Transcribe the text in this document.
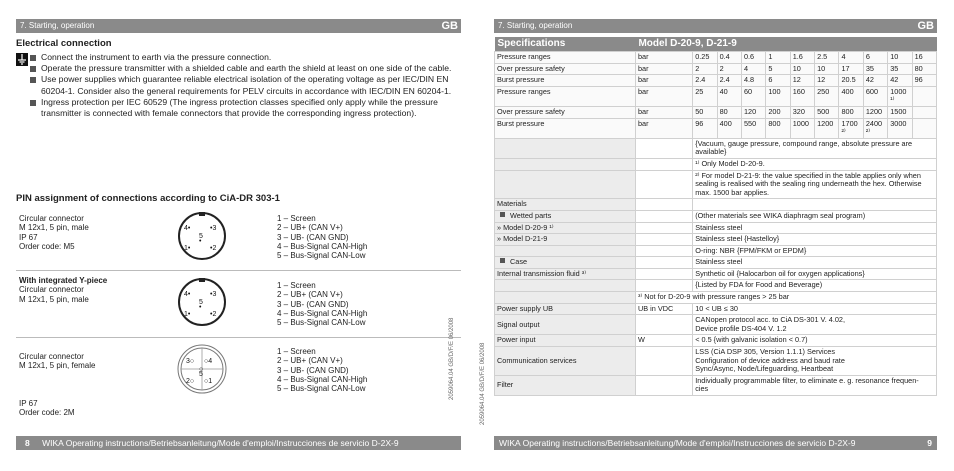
7. Starting, operation	GB
Electrical connection
Connect the instrument to earth via the pressure connection.
Operate the pressure transmitter with a shielded cable and earth the shield at least on one side of the cable.
Use power supplies which guarantee reliable electrical isolation of the operating voltage as per IEC/DIN EN 60204-1. Consider also the general requirements for PELV circuits in accordance with IEC/DIN EN 60204-1.
Ingress protection per IEC 60529 (The ingress protection classes specified only apply while the pressure transmitter is connected with female connectors that provide the corresponding ingress protection).
PIN assignment of connections according to CiA-DR 303-1
Circular connector
M 12x1, 5 pin, male
IP 67
Order code: M5
1 – Screen
2 – UB+ (CAN V+)
3 – UB- (CAN GND)
4 – Bus-Signal CAN-High
5 – Bus-Signal CAN-Low
4•	•3
5
•
1•	•2
With integrated Y-piece
Circular connector
M 12x1, 5 pin, male
1 – Screen
2 – UB+ (CAN V+)
3 – UB- (CAN GND)
4 – Bus-Signal CAN-High
5 – Bus-Signal CAN-Low
4•	•3
5
•
1•	•2
Circular connector
M 12x1, 5 pin, female
1 – Screen
2 – UB+ (CAN V+)
3 – UB- (CAN GND)
4 – Bus-Signal CAN-High
5 – Bus-Signal CAN-Low
IP 67
Order code: 2M
3○ ○4
○
5
2○ ○1	2059064.04 GB/D/F/E 06/2008
8 WIKA Operating instructions/Betriebsanleitung/Mode d'emploi/Instrucciones de servicio D-2X-9
2059064.04 GB/D/F/E 06/2008
7. Starting, operation	GB
Specifications	Model D-20-9, D-21-9										
Pressure ranges	bar	0.25	0.4	0.6	1	1.6	2.5	4	6	10	16
Over pressure safety	bar	2	2	4	5	10	10	17	35	35	80
Burst pressure	bar	2.4	2.4	4.8	6	12	12	20.5	42	42	96
Pressure ranges	bar	25	40	60	100	160	250	400	600	1000 ¹⁾	
Over pressure safety	bar	50	80	120	200	320	500	800	1200	1500	
Burst pressure	bar	96	400	550	800	1000	1200	1700 ²⁾	2400 ²⁾	3000	
		{Vacuum, gauge pressure, compound range, absolute pressure are available}									
		¹⁾ Only Model D-20-9.									
		²⁾ For model D-21-9: the value specified in the table applies only when sealing is realised with the sealing ring underneath the hex. Otherwise max. 1500 bar applies.									
Materials											
Wetted parts		(Other materials see WIKA diaphragm seal program)									
» Model D-20-9 ¹⁾		Stainless steel									
» Model D-21-9		Stainless steel {Hastelloy}									
		O-ring: NBR {FPM/FKM or EPDM}									
Case		Stainless steel									
Internal transmission fluid ³⁾		Synthetic oil {Halocarbon oil for oxygen applications}									
		{Listed by FDA for Food and Beverage)									
	³⁾ Not for D-20-9 with pressure ranges > 25 bar										
Power supply UB	UB in VDC	10 < UB ≤ 30									
Signal output		CANopen protocol acc. to CiA DS-301 V. 4.02,
Device profile DS-404 V. 1.2									
Power input	W	< 0.5 {with galvanic isolation < 0.7)									
Communication services		LSS (CiA DSP 305, Version 1.1.1) Services
Configuration of device address and baud rate
Sync/Async, Node/Lifeguarding, Heartbeat									
Filter		Individually programmable filter, to eliminate e. g. resonance frequen-
cies									
WIKA Operating instructions/Betriebsanleitung/Mode d'emploi/Instrucciones de servicio D-2X-9	9
